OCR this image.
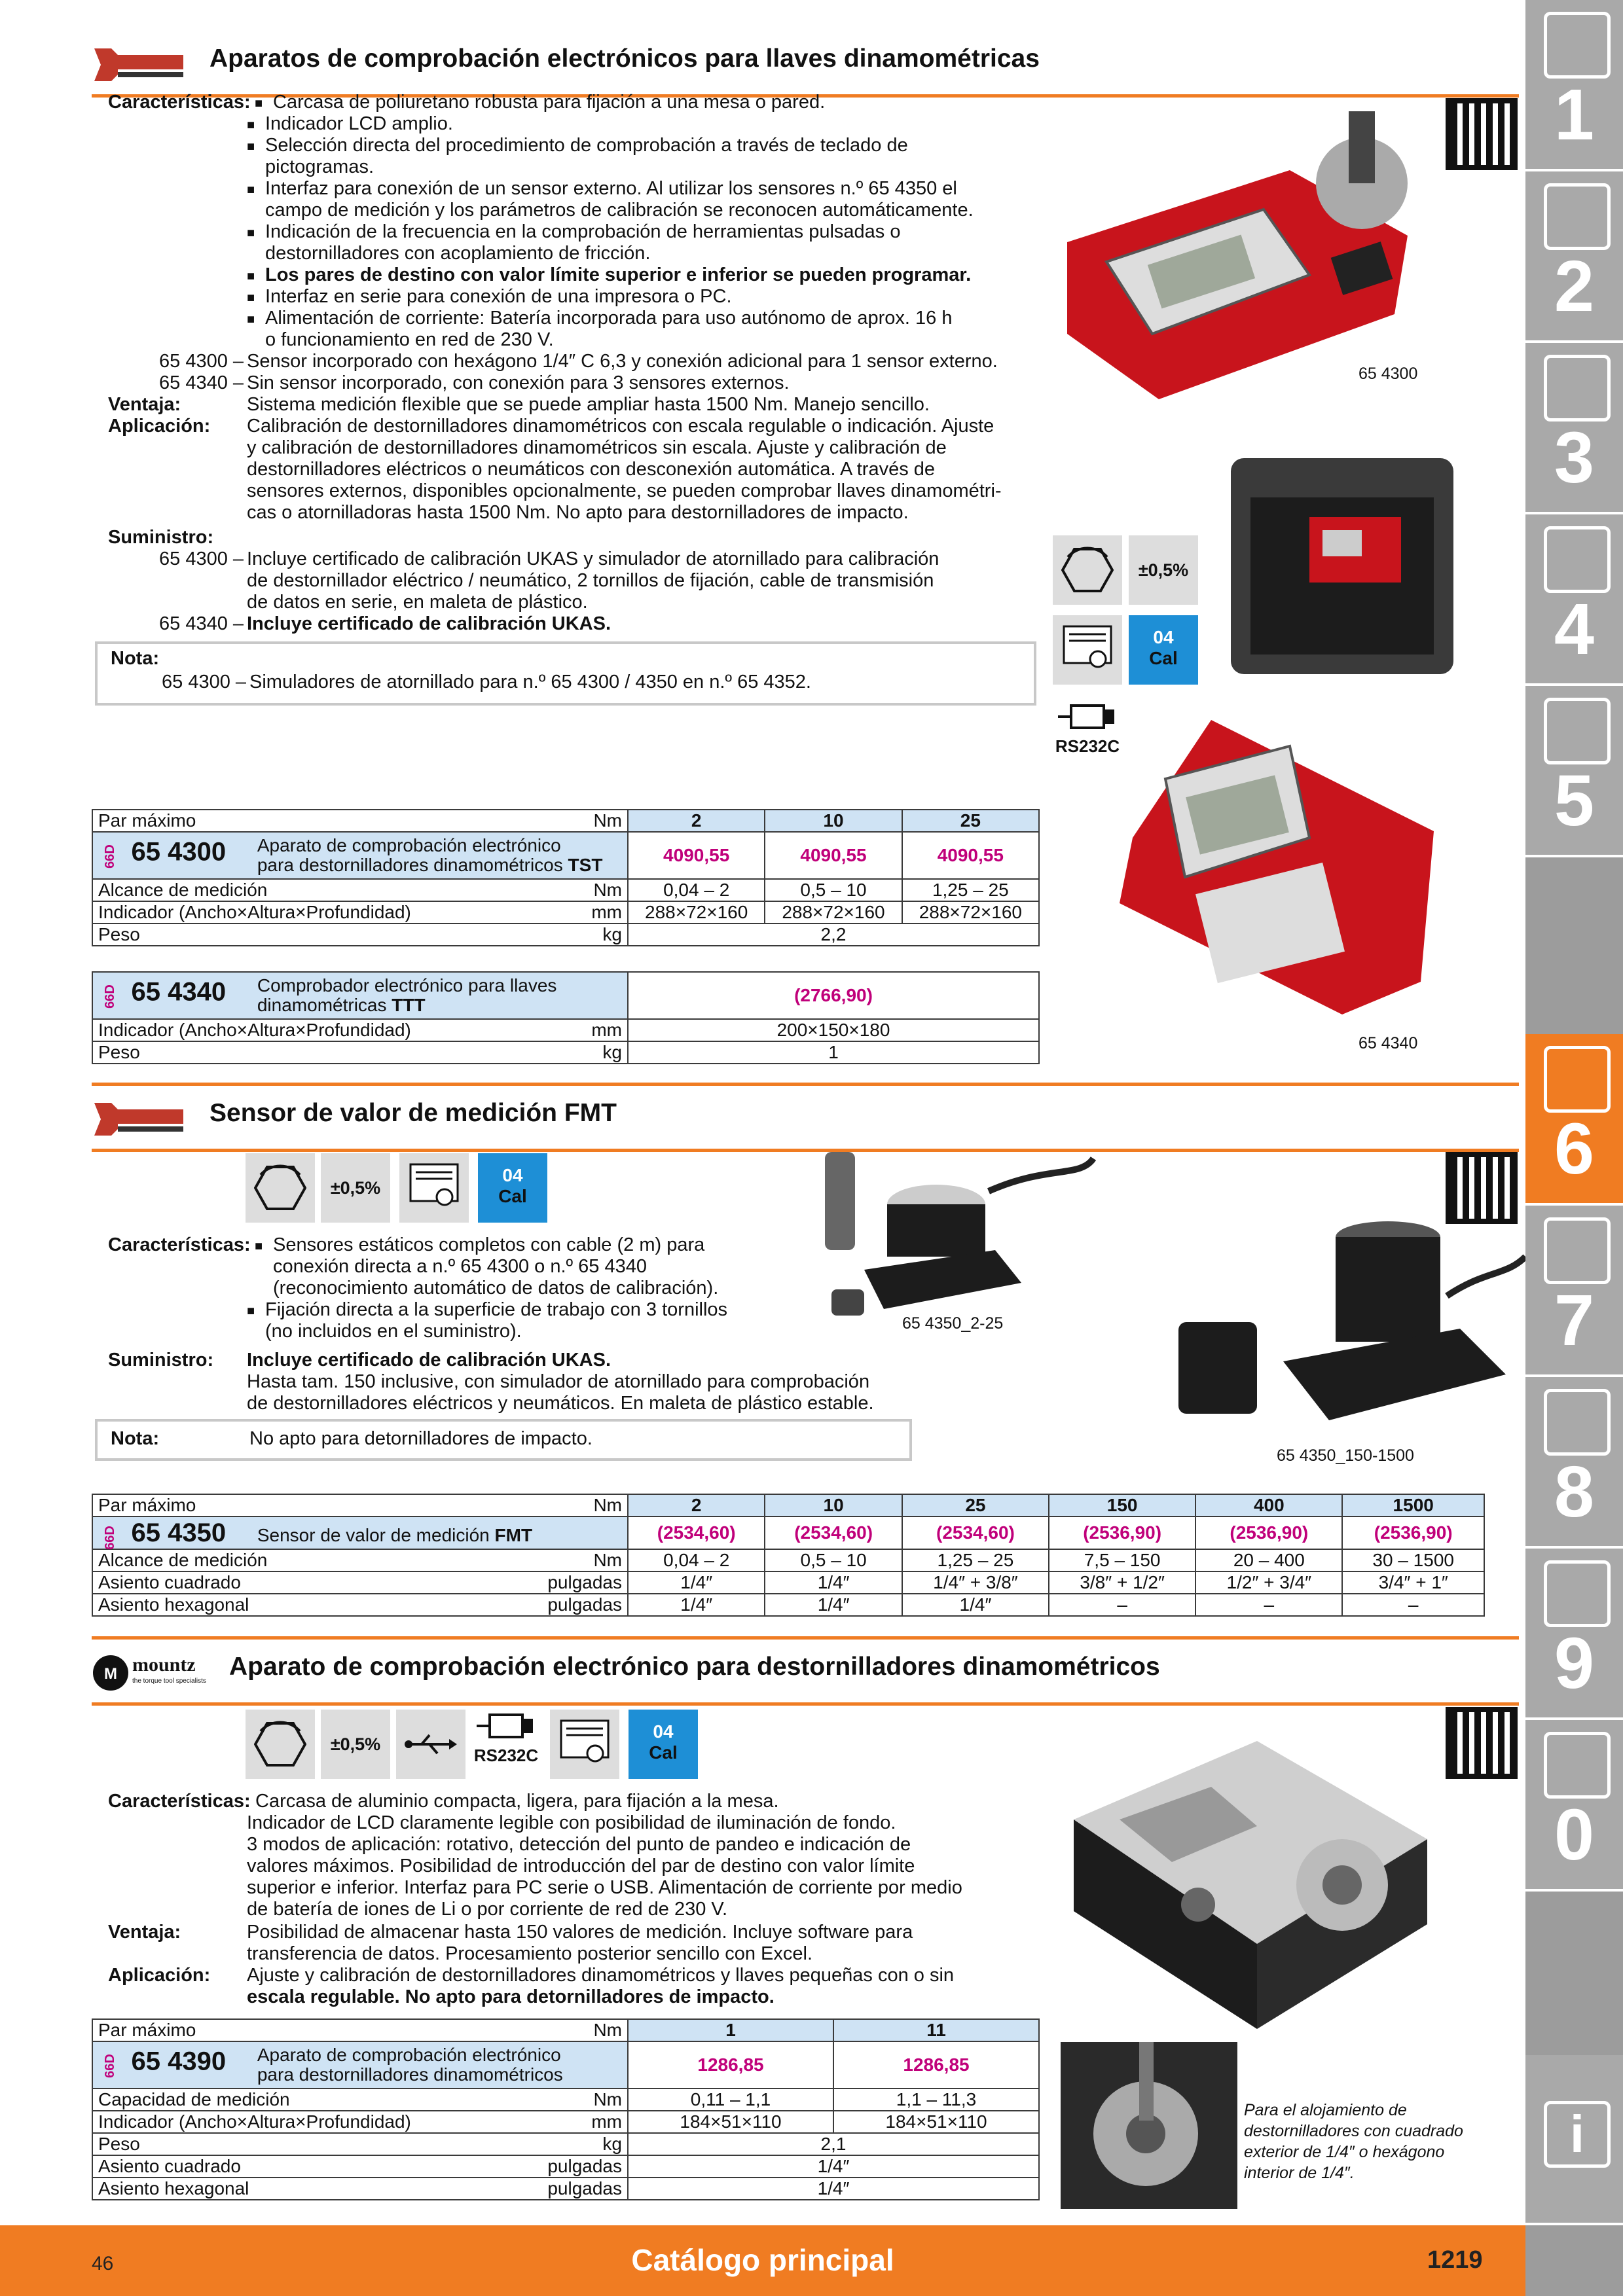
Aparatos de comprobación electrónicos para llaves dinamométricas
Características: ■ Carcasa de poliuretano robusta para fijación a una mesa o pared.
■ Indicador LCD amplio.
■ Selección directa del procedimiento de comprobación a través de teclado de
pictogramas.
■ Interfaz para conexión de un sensor externo. Al utilizar los sensores n.º 65 4350 el
campo de medición y los parámetros de calibración se reconocen automáticamente.
■ Indicación de la frecuencia en la comprobación de herramientas pulsadas o
destornilladores con acoplamiento de fricción.
■ Los pares de destino con valor límite superior e inferior se pueden programar.
■ Interfaz en serie para conexión de una impresora o PC.
■ Alimentación de corriente: Batería incorporada para uso autónomo de aprox. 16 h
o funcionamiento en red de 230 V.
65 4300 – Sensor incorporado con hexágono 1/4″ C 6,3 y conexión adicional para 1 sensor externo.
65 4340 – Sin sensor incorporado, con conexión para 3 sensores externos.
Ventaja:	Sistema medición flexible que se puede ampliar hasta 1500 Nm. Manejo sencillo.
Aplicación: Calibración de destornilladores dinamométricos con escala regulable o indicación. Ajuste
y calibración de destornilladores dinamométricos sin escala. Ajuste y calibración de
destornilladores eléctricos o neumáticos con desconexión automática. A través de
sensores externos, disponibles opcionalmente, se pueden comprobar llaves dinamométri-
cas o atornilladoras hasta 1500 Nm. No apto para destornilladores de impacto.
Suministro:
65 4300 – Incluye certificado de calibración UKAS y simulador de atornillado para calibración
de destornillador eléctrico / neumático, 2 tornillos de fijación, cable de transmisión
de datos en serie, en maleta de plástico.
65 4340 – Incluye certificado de calibración UKAS.
Nota:
65 4300 – Simuladores de atornillado para n.º 65 4300 / 4350 en n.º 65 4352.
±0,5%
04
Cal
RS232C
65 4300
65 4340
Par máximo Nm	2	10	25
66D 65 4300 Aparato de comprobación electrónico
para destornilladores dinamométricos TST	4090,55	4090,55	4090,55
Alcance de medición Nm	0,04 – 2	0,5 – 10	1,25 – 25
Indicador (Ancho×Altura×Profundidad) mm	288×72×160	288×72×160	288×72×160
Peso kg	2,2		
66D 65 4340 Comprobador electrónico para llaves
dinamométricas TTT	(2766,90)
Indicador (Ancho×Altura×Profundidad) mm	200×150×180
Peso kg	1
Sensor de valor de medición FMT
±0,5%
04
Cal
Características: ■ Sensores estáticos completos con cable (2 m) para
conexión directa a n.º 65 4300 o n.º 65 4340
(reconocimiento automático de datos de calibración).
■ Fijación directa a la superficie de trabajo con 3 tornillos
(no incluidos en el suministro).
Suministro: Incluye certificado de calibración UKAS.
Hasta tam. 150 inclusive, con simulador de atornillado para comprobación
de destornilladores eléctricos y neumáticos. En maleta de plástico estable.
Nota:	No apto para detornilladores de impacto.
65 4350_2-25
65 4350_150-1500
Par máximo Nm	2	10	25	150	400	1500
66D 65 4350 Sensor de valor de medición FMT	(2534,60)	(2534,60)	(2534,60)	(2536,90)	(2536,90)	(2536,90)
Alcance de medición Nm	0,04 – 2	0,5 – 10	1,25 – 25	7,5 – 150	20 – 400	30 – 1500
Asiento cuadrado pulgadas	1/4″	1/4″	1/4″ + 3/8″	3/8″ + 1/2″	1/2″ + 3/4″	3/4″ + 1″
Asiento hexagonal pulgadas	1/4″	1/4″	1/4″	–	–	–
M mountz
the torque tool specialists
Aparato de comprobación electrónico para destornilladores dinamométricos
±0,5%
RS232C
04
Cal
Características: Carcasa de aluminio compacta, ligera, para fijación a la mesa.
Indicador de LCD claramente legible con posibilidad de iluminación de fondo.
3 modos de aplicación: rotativo, detección del punto de pandeo e indicación de
valores máximos. Posibilidad de introducción del par de destino con valor límite
superior e inferior. Interfaz para PC serie o USB. Alimentación de corriente por medio
de batería de iones de Li o por corriente de red de 230 V.
Ventaja:	Posibilidad de almacenar hasta 150 valores de medición. Incluye software para
transferencia de datos. Procesamiento posterior sencillo con Excel.
Aplicación: Ajuste y calibración de destornilladores dinamométricos y llaves pequeñas con o sin
escala regulable. No apto para detornilladores de impacto.
Para el alojamiento de
destornilladores con cuadrado
exterior de 1/4″ o hexágono
interior de 1/4″.
Par máximo Nm	1	11
66D 65 4390 Aparato de comprobación electrónico
para destornilladores dinamométricos	1286,85	1286,85
Capacidad de medición Nm	0,11 – 1,1	1,1 – 11,3
Indicador (Ancho×Altura×Profundidad) mm	184×51×110	184×51×110
Peso kg	2,1	
Asiento cuadrado pulgadas	1/4″	
Asiento hexagonal pulgadas	1/4″	
1
2
3
4
5
6
7
8
9
0
i
46	Catálogo principal	1219
